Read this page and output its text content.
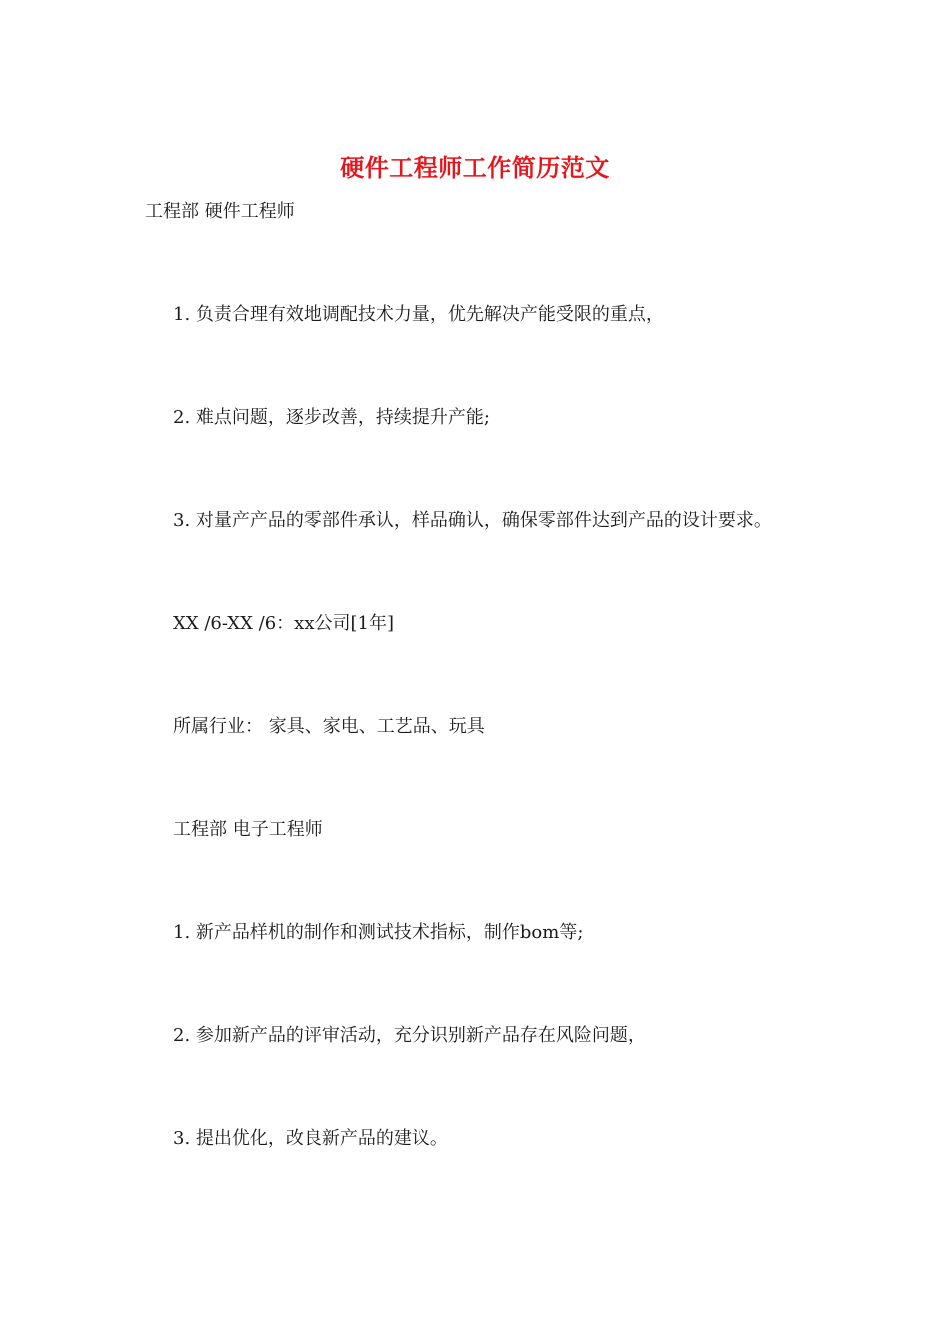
硬件工程师工作简历范文
工程部 硬件工程师
1. 负责合理有效地调配技术力量，优先解决产能受限的重点，
2. 难点问题，逐步改善，持续提升产能;
3. 对量产产品的零部件承认，样品确认，确保零部件达到产品的设计要求。
XX /6-XX /6：xx公司[1年]
所属行业： 家具、家电、工艺品、玩具
工程部 电子工程师
1. 新产品样机的制作和测试技术指标，制作bom等;
2. 参加新产品的评审活动，充分识别新产品存在风险问题，
3. 提出优化，改良新产品的建议。
